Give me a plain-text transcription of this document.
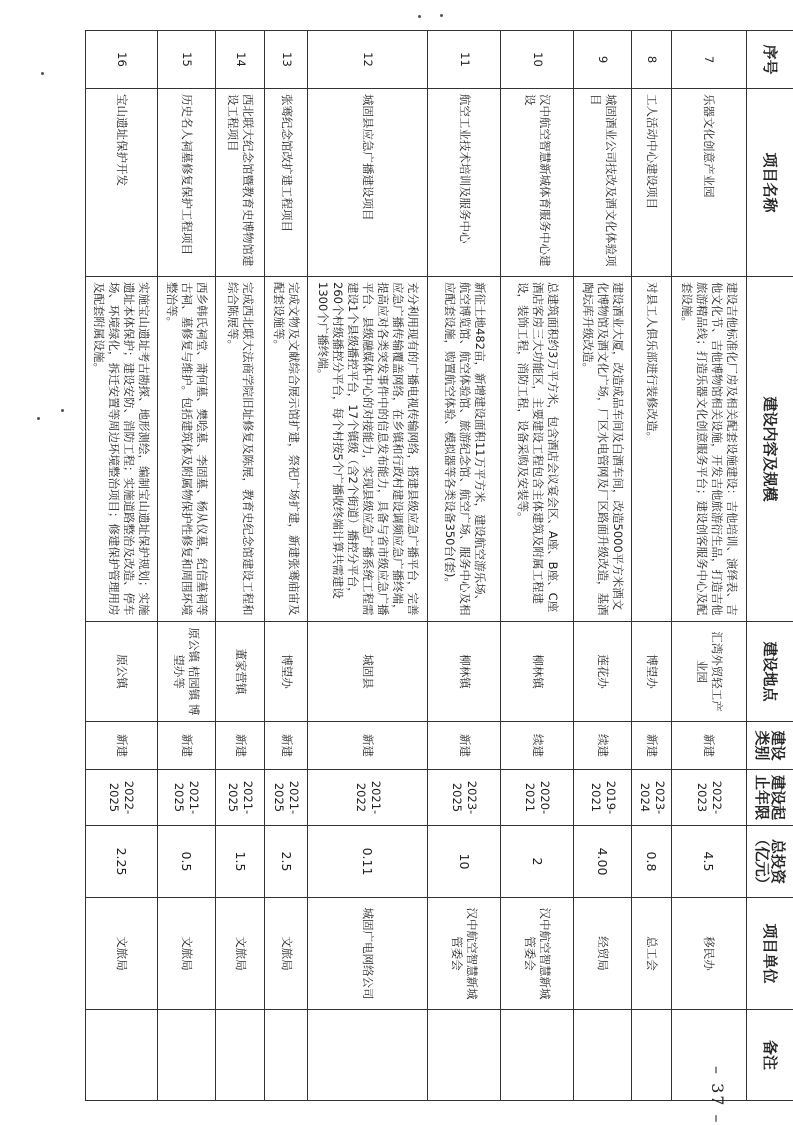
序号	项目名称	建设内容及规模	建设地点	建设类别	建设起止年限	总投资（亿元）	项目单位	备注
7	乐器文化创意产业园	建设吉他标准化厂房及相关配套设施建设：吉他培训、演绎表、吉他文化节、吉他博物馆相关设施，开发吉他旅游衍生品，打造吉他旅游精品线；打造乐器文化创意服务平台；建设创客服务中心及配套设施。	汇湾外贸轻工产业园	新建	2022-2023	4.5	移民办	
8	工人活动中心建设项目	对县工人俱乐部进行装修改造。	博望办	新建	2023-2024	0.8	总工会	
9	城固酒业公司技改及酒文化体验项目	建设酒业大厦，改造成品车间及白酒车间，改造5000平方米酒文化博物馆及酒文化广场，厂区水电管网及厂区路面升级改造，基酒陶坛库升级改造。	莲花办	续建	2019-2021	4.00	经贸局	
10	汉中航空智慧新城体育服务中心建设	总建筑面积约3万平方米，包含酒店会议宴会区、A座、B座、C座酒店客房三大功能区，主要建设工程包含主体建筑及附属工程建设，装饰工程，消防工程，设备采购及安装等。	柳林镇	续建	2020-2021	2	汉中航空智慧新城管委会	
11	航空工业技术培训及服务中心	新征土地482亩，新增建设面积11万平方米，建设航空游乐场、航空博览馆、航空体验馆、旅游纪念馆、航空广场、服务中心及相应配套设施，购置航空体验、模拟器等各类设备350台(套)。	柳林镇	新建	2023-2025	10	汉中航空智慧新城管委会	
12	城固县应急广播建设项目	充分利用现有的广播电视传输网络，搭建县级应急广播平台，完善应急广播传输覆盖网络，在乡镇和行政村建设调频应急广播终端，提高应对各类突发事件中的信息发布能力，具备与省市级应急广播平台、县级融媒体中心的对接能力，实现县级应急广播系统工程需建设1个县级播控平台，17个镇级（含2个街道）播控分平台，260个村级播控分平台，每个村按5个广播收终端计算共需建设1300个广播终端。	城固县	新建	2021-2022	0.11	城固广电网络公司	
13	张骞纪念馆改扩建工程项目	完成文物及文献综合展示馆扩建，祭祀广场扩建，新建张骞庙宙及配套设施等。	博望办	新建	2021-2025	2.5	文旅局	
14	西北联大纪念馆暨教育史博物馆建设工程项目	完成西北联大法商学院旧址修复及陈展，教育史纪念馆建设工程和综合陈展等。	董家营镇	新建	2021-2025	1.5	文旅局	
15	历史名人祠墓修复保护工程项目	西乡韩氏祠堂、萧何墓、樊哙墓、李固墓、杨从仪墓，纪信墓祠等古祠、墓修复与维护。包括建筑体及附属物保护性修复和周围环境整治等。	原公镇 桔园镇 博望办等	新建	2021-2025	0.5	文旅局	
16	宝山遗址保护开发	实施宝山遗址考古勘探、地形测绘，编制宝山遗址保护规划；实施遗址本体保护；建设安防、消防工程；实施道路整治及改造、停车场、环境绿化，拆迁安置等周边环境整治项目；修建保护管理用房及配套附属设施。	原公镇	新建	2022-2025	2.25	文旅局	
– 37 –
